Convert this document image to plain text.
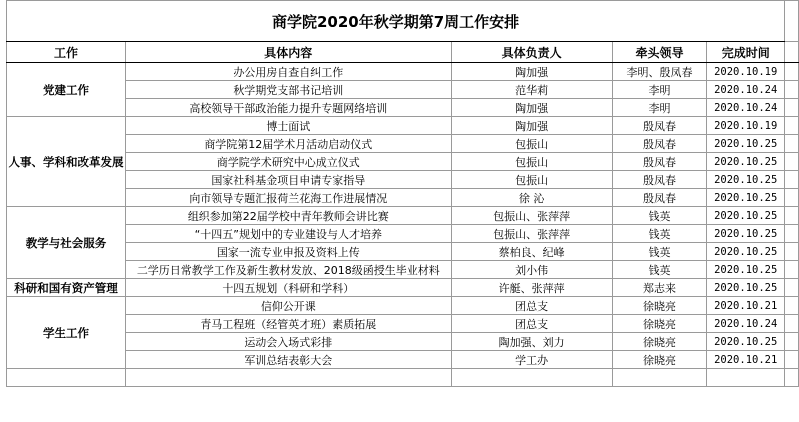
商学院2020年秋学期第7周工作安排					
工作	具体内容	具体负责人	牵头领导	完成时间	
党建工作	办公用房自查自纠工作	陶加强	李明、殷凤春	2020.10.19	
	秋学期党支部书记培训	范华莉	李明	2020.10.24	
	高校领导干部政治能力提升专题网络培训	陶加强	李明	2020.10.24	
人事、学科和改革发展	博士面试	陶加强	殷凤春	2020.10.19	
	商学院第12届学术月活动启动仪式	包振山	殷凤春	2020.10.25	
	商学院学术研究中心成立仪式	包振山	殷凤春	2020.10.25	
	国家社科基金项目申请专家指导	包振山	殷凤春	2020.10.25	
	向市领导专题汇报荷兰花海工作进展情况	徐 沁	殷凤春	2020.10.25	
教学与社会服务	组织参加第22届学校中青年教师会讲比赛	包振山、张萍萍	钱英	2020.10.25	
	“十四五”规划中的专业建设与人才培养	包振山、张萍萍	钱英	2020.10.25	
	国家一流专业申报及资料上传	蔡柏良、纪峰	钱英	2020.10.25	
	二学历日常教学工作及新生教材发放、2018级函授生毕业材料	刘小伟	钱英	2020.10.25	
科研和国有资产管理	十四五规划（科研和学科）	许艇、张萍萍	郑志来	2020.10.25	
学生工作	信仰公开课	团总支	徐晓亮	2020.10.21	
	青马工程班（经管英才班）素质拓展	团总支	徐晓亮	2020.10.24	
	运动会入场式彩排	陶加强、刘力	徐晓亮	2020.10.25	
	军训总结表彰大会	学工办	徐晓亮	2020.10.21	
